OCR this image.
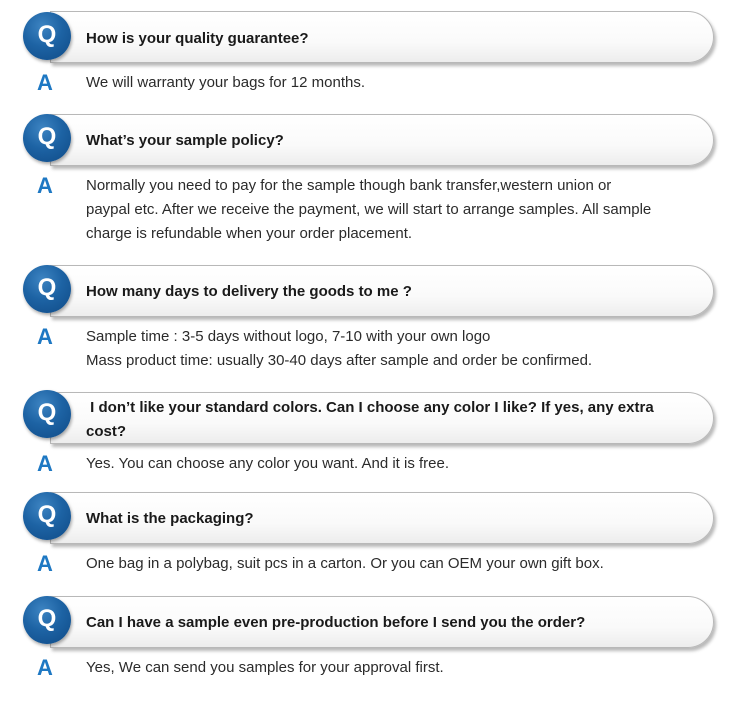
Q How is your quality guarantee?
A We will warranty your bags for 12 months.
Q What’s your sample policy?
A Normally you need to pay for the sample though bank transfer,western union or
paypal etc. After we receive the payment, we will start to arrange samples. All sample
charge is refundable when your order placement.
Q How many days to delivery the goods to me ?
A Sample time : 3-5 days without logo, 7-10 with your own logo
Mass product time: usually 30-40 days after sample and order be confirmed.
Q I don’t like your standard colors. Can I choose any color I like? If yes, any extra
cost?
A Yes. You can choose any color you want. And it is free.
Q What is the packaging?
A One bag in a polybag, suit pcs in a carton. Or you can OEM your own gift box.
Q Can I have a sample even pre-production before I send you the order?
A Yes, We can send you samples for your approval first.
